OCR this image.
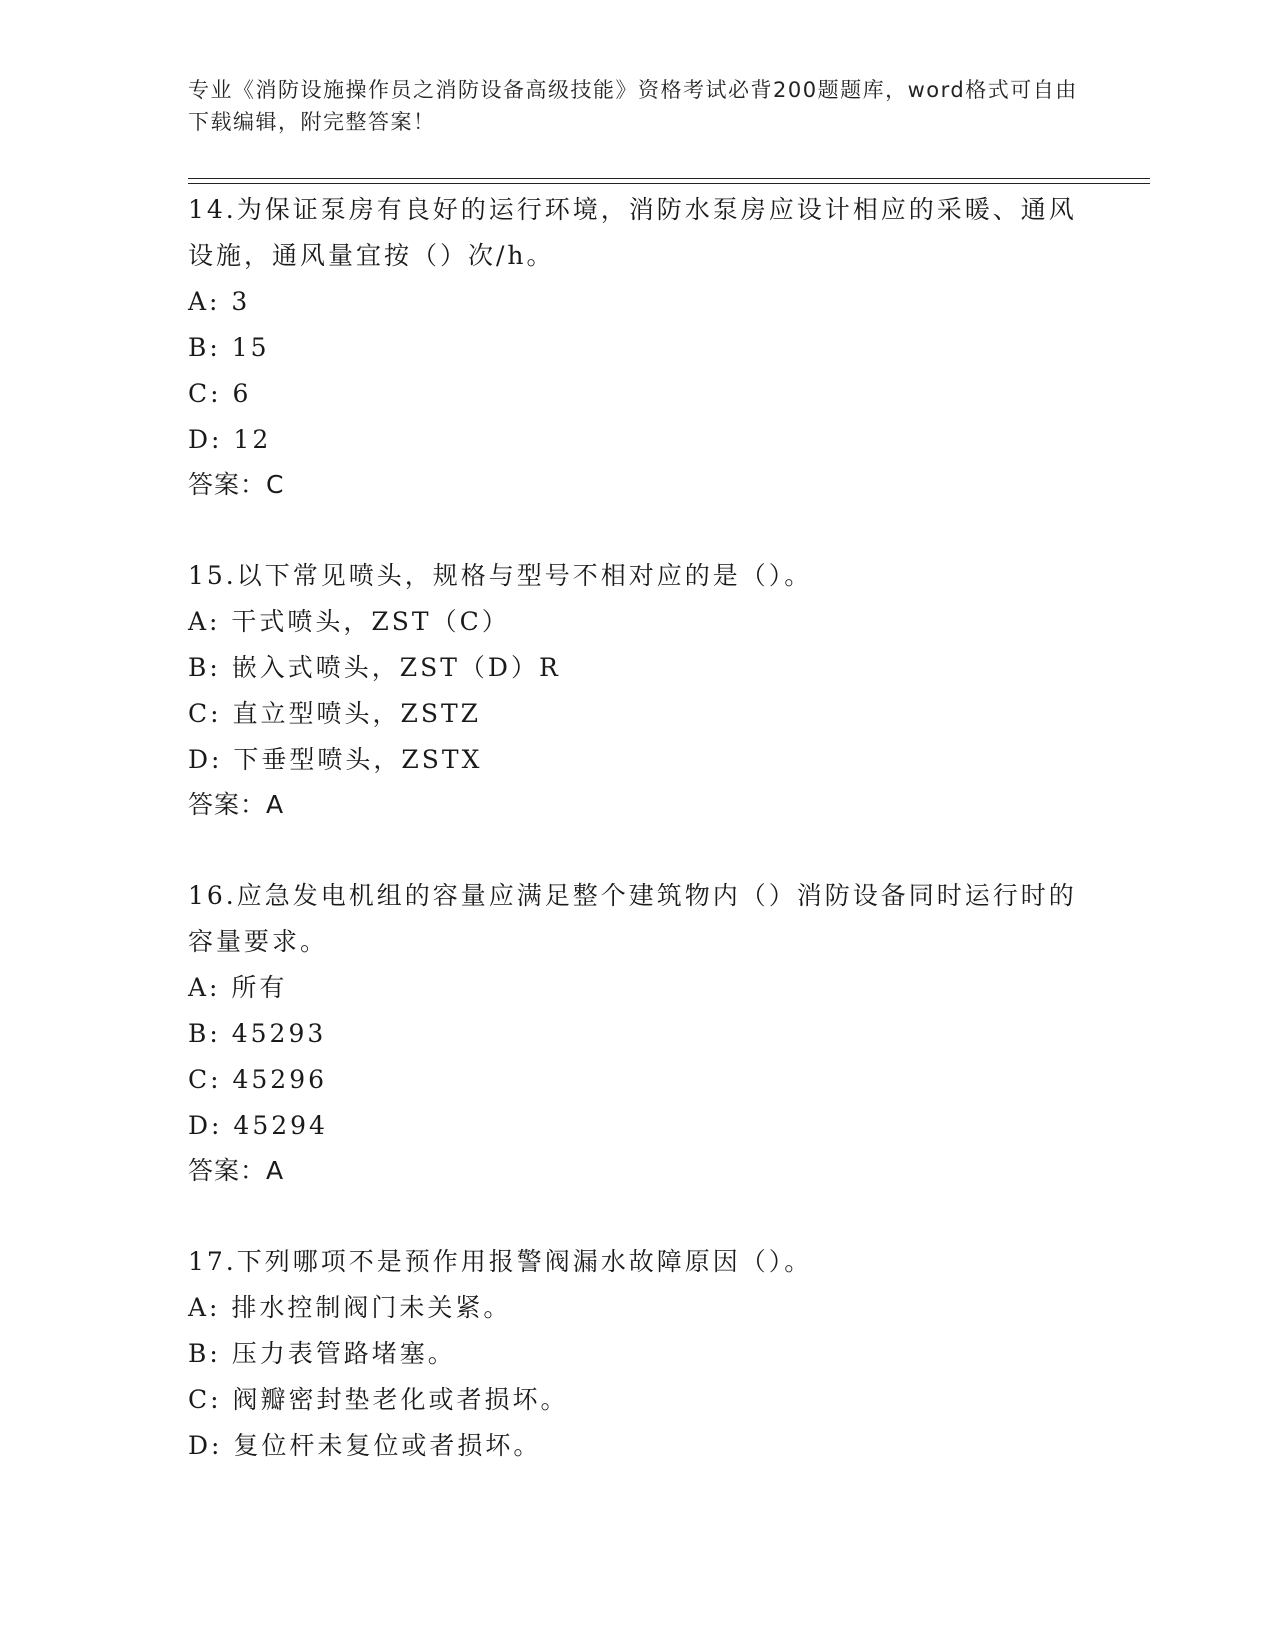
专业《消防设施操作员之消防设备高级技能》资格考试必背200题题库，word格式可自由下载编辑，附完整答案！
14.为保证泵房有良好的运行环境，消防水泵房应设计相应的采暖、通风设施，通风量宜按（）次/h。
A: 3
B: 15
C: 6
D: 12
答案：C
15.以下常见喷头，规格与型号不相对应的是（）。
A: 干式喷头，ZST（C）
B: 嵌入式喷头，ZST（D）R
C: 直立型喷头，ZSTZ
D: 下垂型喷头，ZSTX
答案：A
16.应急发电机组的容量应满足整个建筑物内（）消防设备同时运行时的容量要求。
A: 所有
B: 45293
C: 45296
D: 45294
答案：A
17.下列哪项不是预作用报警阀漏水故障原因（）。
A: 排水控制阀门未关紧。
B: 压力表管路堵塞。
C: 阀瓣密封垫老化或者损坏。
D: 复位杆未复位或者损坏。
